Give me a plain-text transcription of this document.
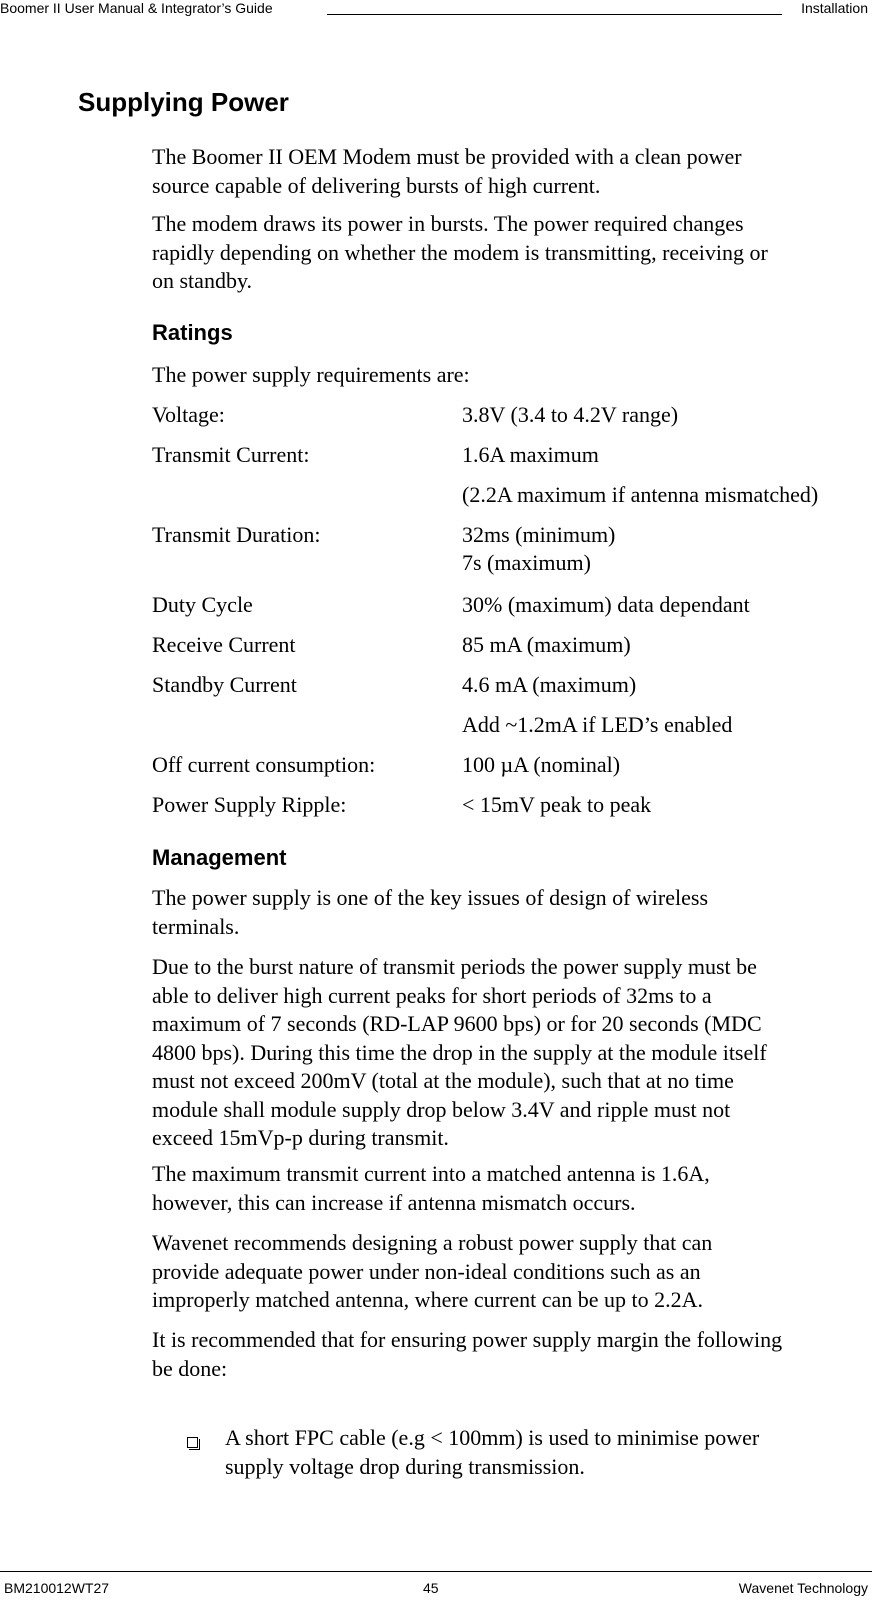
Boomer II User Manual & Integrator’s Guide	Installation
Supplying Power

The Boomer II OEM Modem must be provided with a clean power
source capable of delivering bursts of high current.

The modem draws its power in bursts. The power required changes
rapidly depending on whether the modem is transmitting, receiving or
on standby.

Ratings

The power supply requirements are:

Voltage:	3.8V (3.4 to 4.2V range)
Transmit Current:	1.6A maximum
(2.2A maximum if antenna mismatched)
Transmit Duration:	32ms (minimum)
7s (maximum)
Duty Cycle	30% (maximum) data dependant
Receive Current	85 mA (maximum)
Standby Current	4.6 mA (maximum)
Add ~1.2mA if LED’s enabled
Off current consumption:	100 µA (nominal)
Power Supply Ripple:	< 15mV peak to peak
Management

The power supply is one of the key issues of design of wireless
terminals.

Due to the burst nature of transmit periods the power supply must be
able to deliver high current peaks for short periods of 32ms to a
maximum of 7 seconds (RD-LAP 9600 bps) or for 20 seconds (MDC
4800 bps). During this time the drop in the supply at the module itself
must not exceed 200mV (total at the module), such that at no time
module shall module supply drop below 3.4V and ripple must not
exceed 15mVp-p during transmit.

The maximum transmit current into a matched antenna is 1.6A,
however, this can increase if antenna mismatch occurs.

Wavenet recommends designing a robust power supply that can
provide adequate power under non-ideal conditions such as an
improperly matched antenna, where current can be up to 2.2A.

It is recommended that for ensuring power supply margin the following
be done:

A short FPC cable (e.g < 100mm) is used to minimise power
supply voltage drop during transmission.
BM210012WT27	45	Wavenet Technology
